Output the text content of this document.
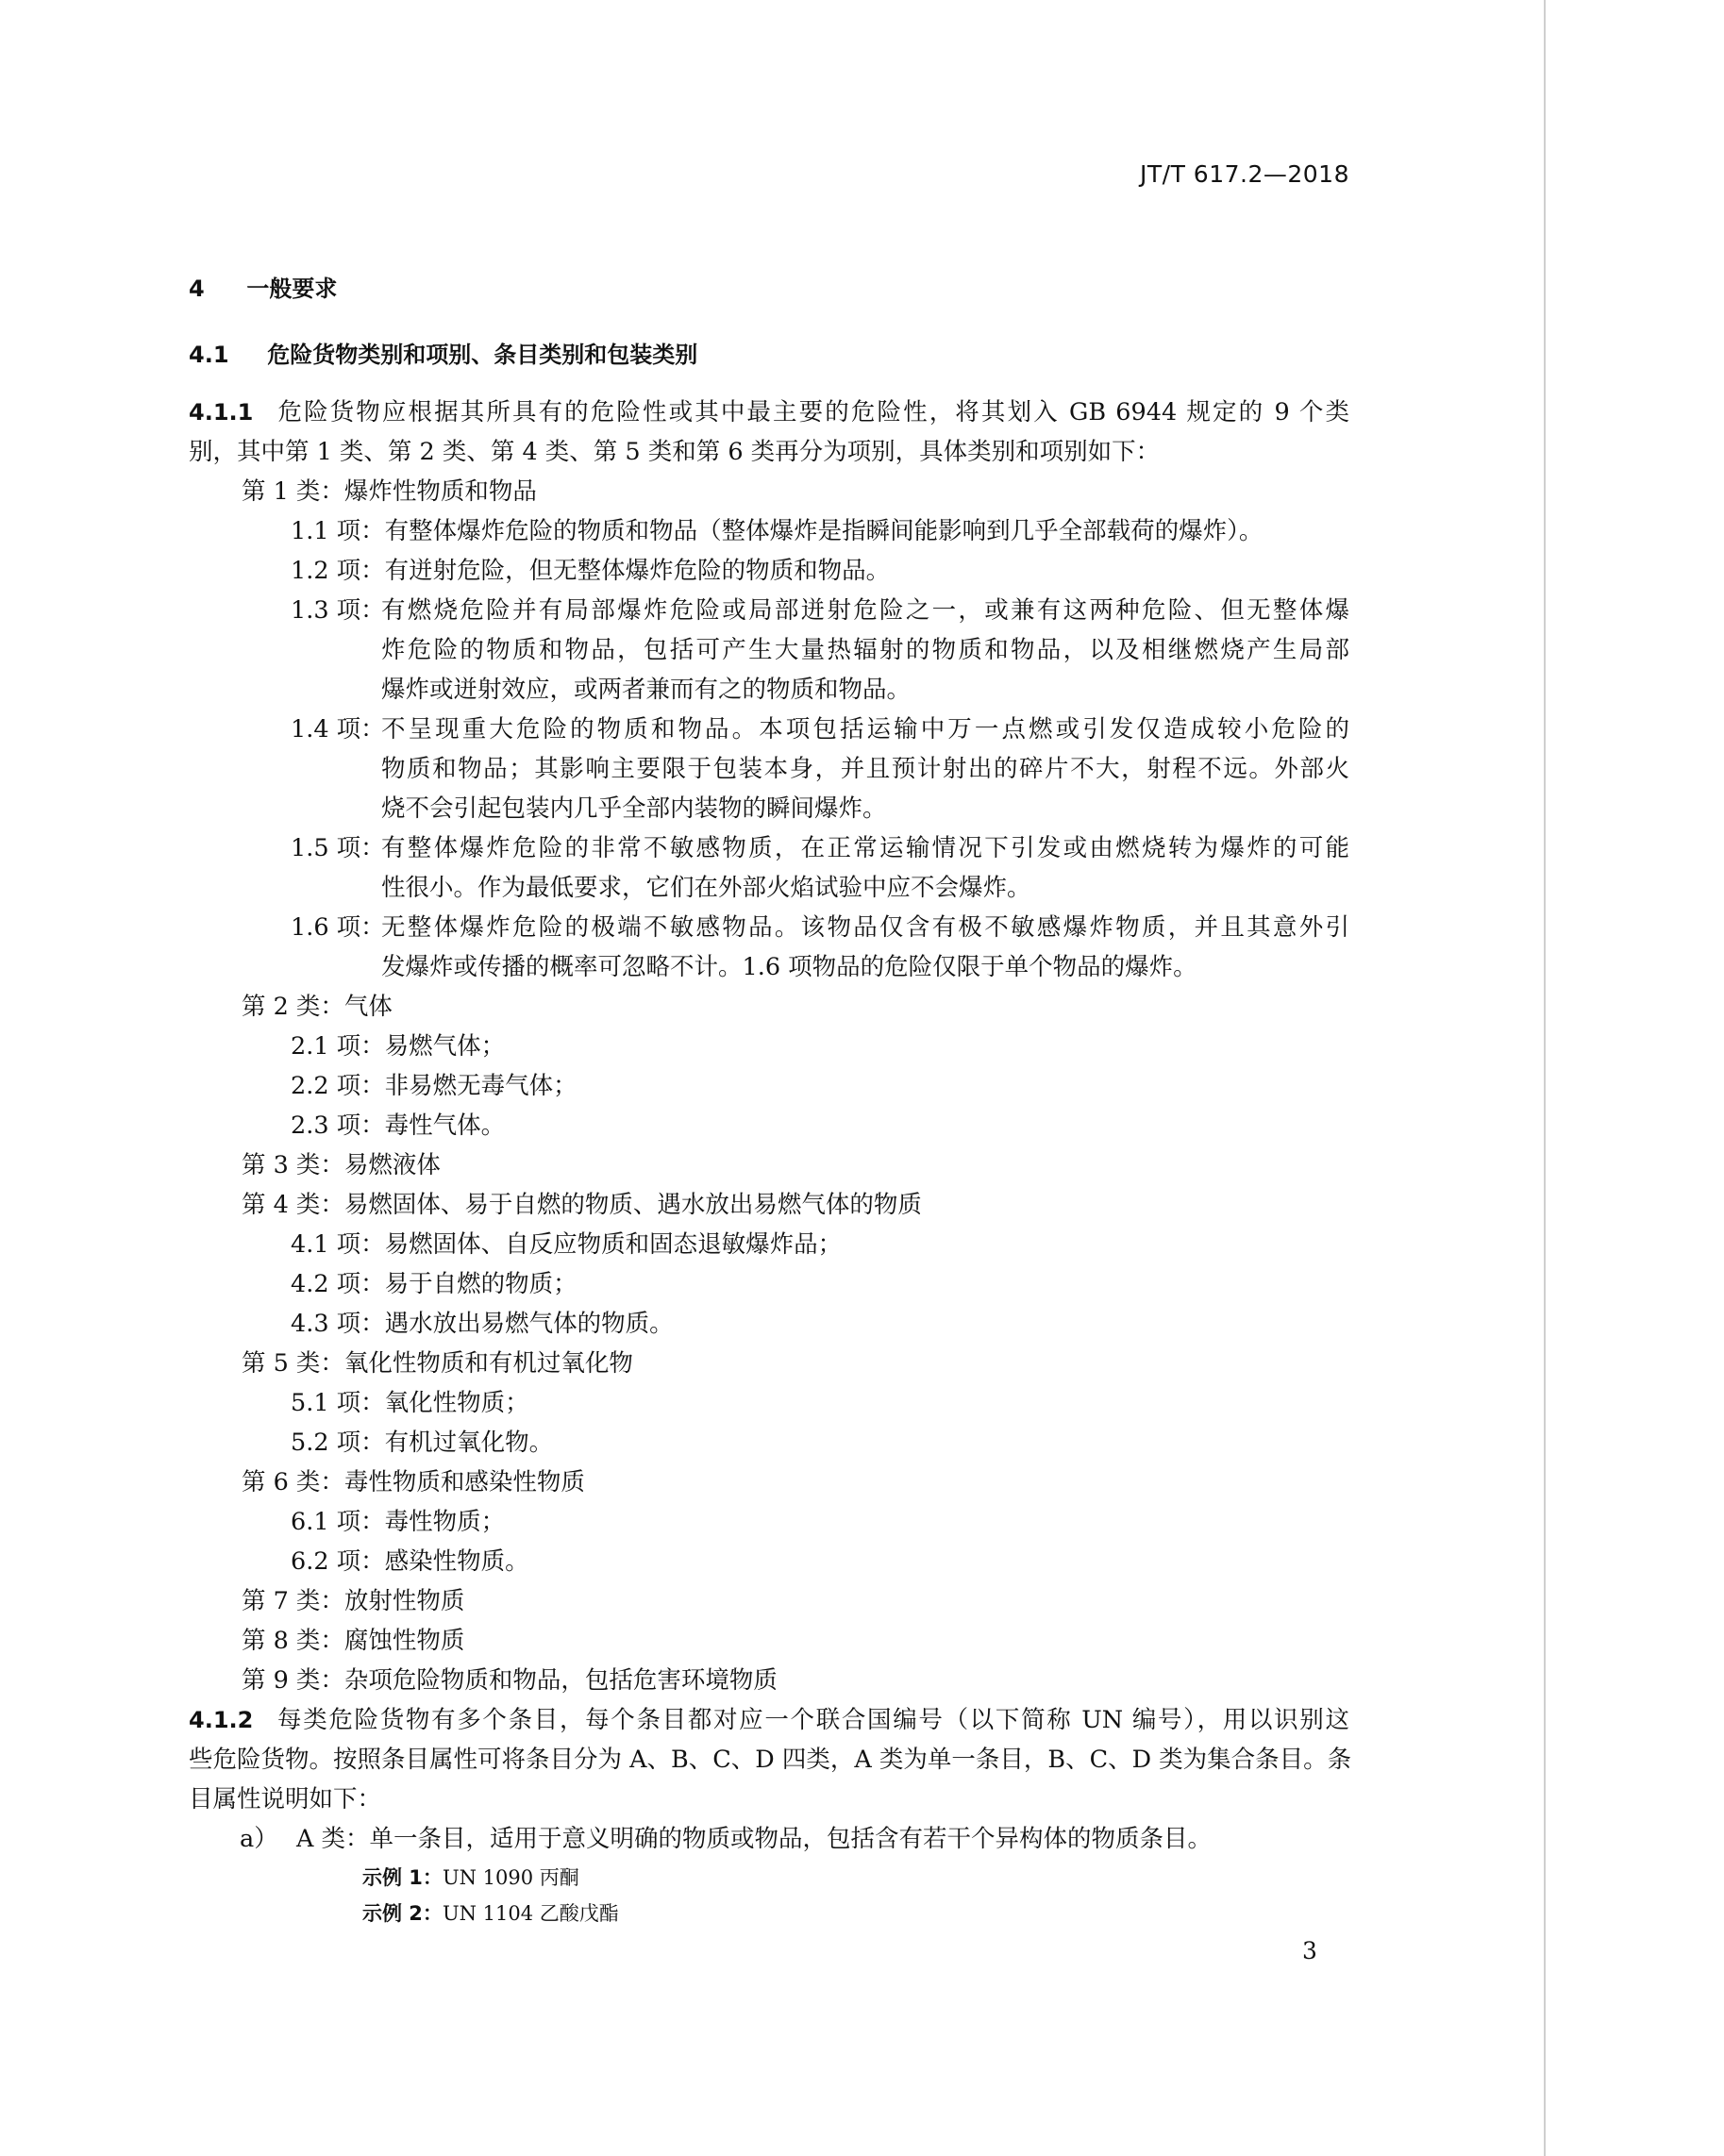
JT/T 617.2—2018
4 一般要求
4.1 危险货物类别和项别、条目类别和包装类别
4.1.1 危险货物应根据其所具有的危险性或其中最主要的危险性，将其划入 GB 6944 规定的 9 个类
别，其中第 1 类、第 2 类、第 4 类、第 5 类和第 6 类再分为项别，具体类别和项别如下：
第 1 类：爆炸性物质和物品
1.1 项：有整体爆炸危险的物质和物品（整体爆炸是指瞬间能影响到几乎全部载荷的爆炸）。
1.2 项：有迸射危险，但无整体爆炸危险的物质和物品。
1.3 项：
有燃烧危险并有局部爆炸危险或局部迸射危险之一，或兼有这两种危险、但无整体爆
炸危险的物质和物品，包括可产生大量热辐射的物质和物品，以及相继燃烧产生局部
爆炸或迸射效应，或两者兼而有之的物质和物品。
1.4 项：
不呈现重大危险的物质和物品。本项包括运输中万一点燃或引发仅造成较小危险的
物质和物品；其影响主要限于包装本身，并且预计射出的碎片不大，射程不远。外部火
烧不会引起包装内几乎全部内装物的瞬间爆炸。
1.5 项：
有整体爆炸危险的非常不敏感物质，在正常运输情况下引发或由燃烧转为爆炸的可能
性很小。作为最低要求，它们在外部火焰试验中应不会爆炸。
1.6 项：
无整体爆炸危险的极端不敏感物品。该物品仅含有极不敏感爆炸物质，并且其意外引
发爆炸或传播的概率可忽略不计。1.6 项物品的危险仅限于单个物品的爆炸。
第 2 类：气体
2.1 项：易燃气体；
2.2 项：非易燃无毒气体；
2.3 项：毒性气体。
第 3 类：易燃液体
第 4 类：易燃固体、易于自燃的物质、遇水放出易燃气体的物质
4.1 项：易燃固体、自反应物质和固态退敏爆炸品；
4.2 项：易于自燃的物质；
4.3 项：遇水放出易燃气体的物质。
第 5 类：氧化性物质和有机过氧化物
5.1 项：氧化性物质；
5.2 项：有机过氧化物。
第 6 类：毒性物质和感染性物质
6.1 项：毒性物质；
6.2 项：感染性物质。
第 7 类：放射性物质
第 8 类：腐蚀性物质
第 9 类：杂项危险物质和物品，包括危害环境物质
4.1.2 每类危险货物有多个条目，每个条目都对应一个联合国编号（以下简称 UN 编号），用以识别这
些危险货物。按照条目属性可将条目分为 A、B、C、D 四类，A 类为单一条目，B、C、D 类为集合条目。条
目属性说明如下：
a） A 类：单一条目，适用于意义明确的物质或物品，包括含有若干个异构体的物质条目。
示例 1：UN 1090 丙酮
示例 2：UN 1104 乙酸戊酯
3
